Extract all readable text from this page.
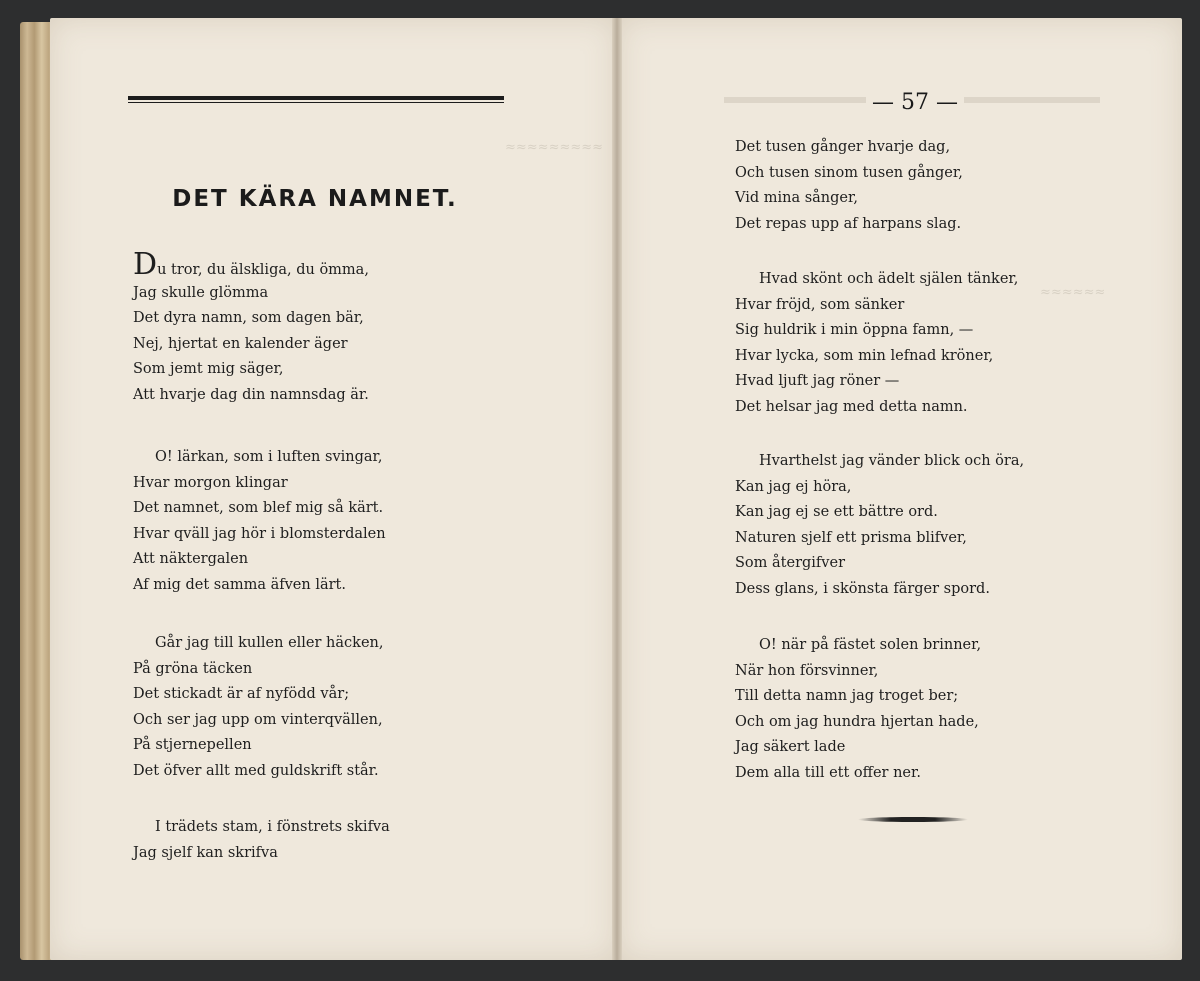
≈≈≈≈≈≈≈≈≈
≈≈≈≈≈≈
DET KÄRA NAMNET.
Du tror, du älskliga, du ömma,
Jag skulle glömma
Det dyra namn, som dagen bär,
Nej, hjertat en kalender äger
Som jemt mig säger,
Att hvarje dag din namnsdag är.
O! lärkan, som i luften svingar,
Hvar morgon klingar
Det namnet, som blef mig så kärt.
Hvar qväll jag hör i blomsterdalen
Att näktergalen
Af mig det samma äfven lärt.
Går jag till kullen eller häcken,
På gröna täcken
Det stickadt är af nyfödd vår;
Och ser jag upp om vinterqvällen,
På stjernepellen
Det öfver allt med guldskrift står.
I trädets stam, i fönstrets skifva
Jag sjelf kan skrifva
— 57 —
Det tusen gånger hvarje dag,
Och tusen sinom tusen gånger,
Vid mina sånger,
Det repas upp af harpans slag.
Hvad skönt och ädelt själen tänker,
Hvar fröjd, som sänker
Sig huldrik i min öppna famn, —
Hvar lycka, som min lefnad kröner,
Hvad ljuft jag röner —
Det helsar jag med detta namn.
Hvarthelst jag vänder blick och öra,
Kan jag ej höra,
Kan jag ej se ett bättre ord.
Naturen sjelf ett prisma blifver,
Som återgifver
Dess glans, i skönsta färger spord.
O! när på fästet solen brinner,
När hon försvinner,
Till detta namn jag troget ber;
Och om jag hundra hjertan hade,
Jag säkert lade
Dem alla till ett offer ner.
